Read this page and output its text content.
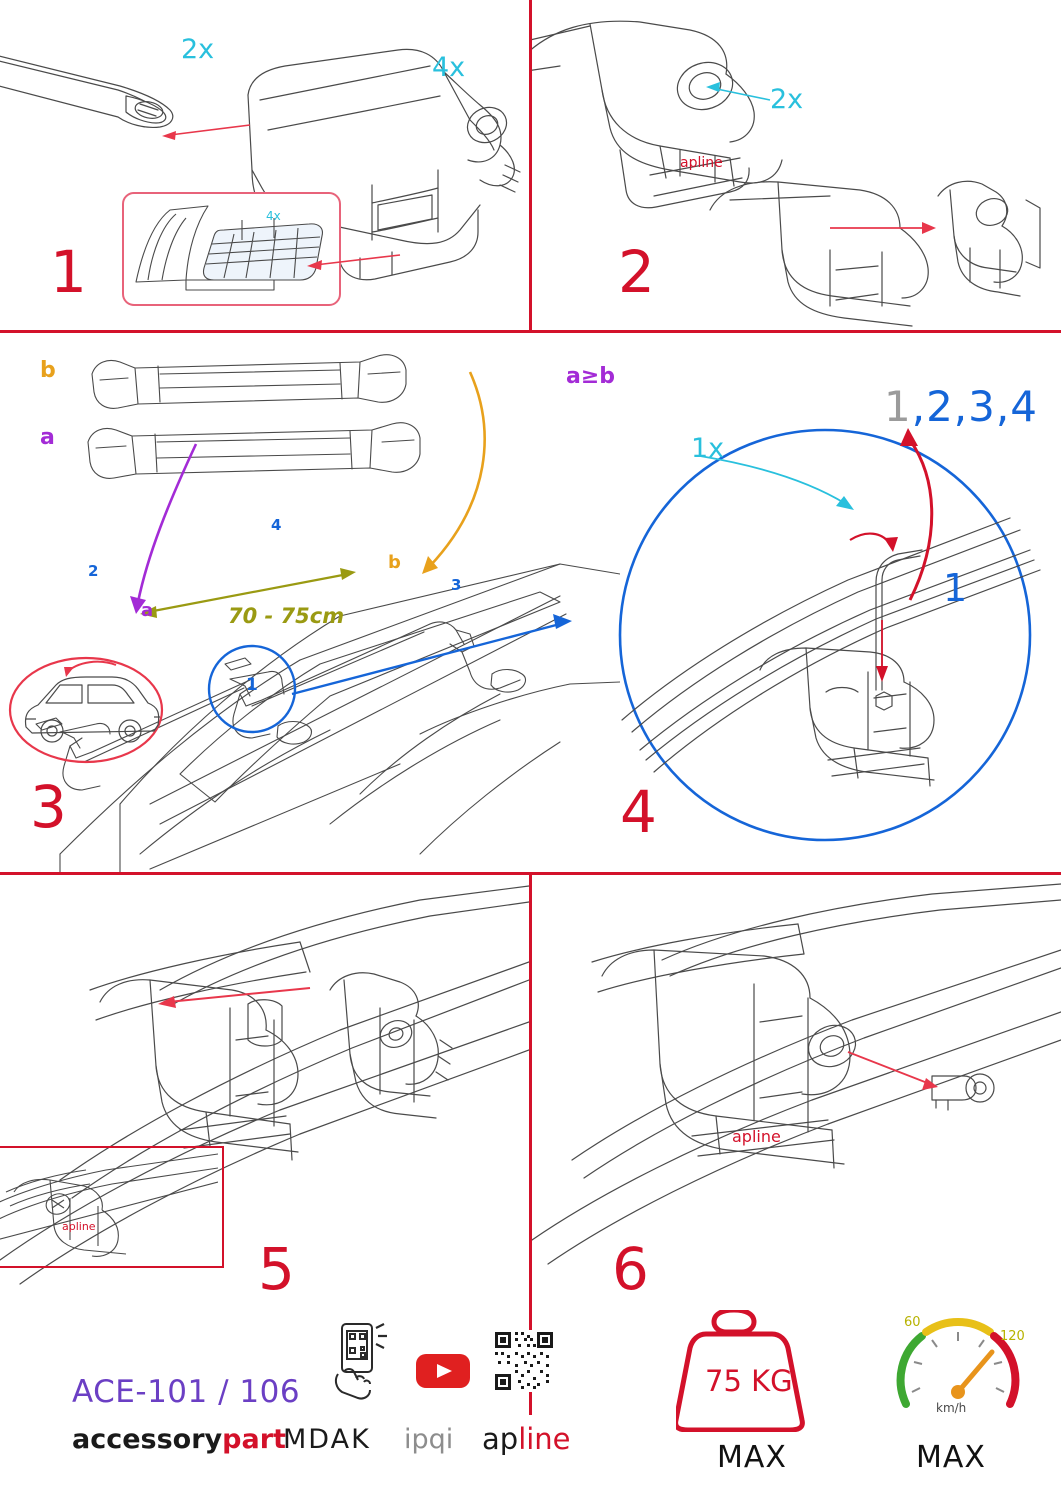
4x
2x
4x
1
apline
2x
2
b
a
a
b
70 - 75cm
1
2
3
4
3
a≥b
1x
1
1,2,3,4
4
apline
5
apline
6
ACE-101 / 106
accessorypart
MDAK ipqi apline
75 KG
MAX
60
120
km/h
MAX
